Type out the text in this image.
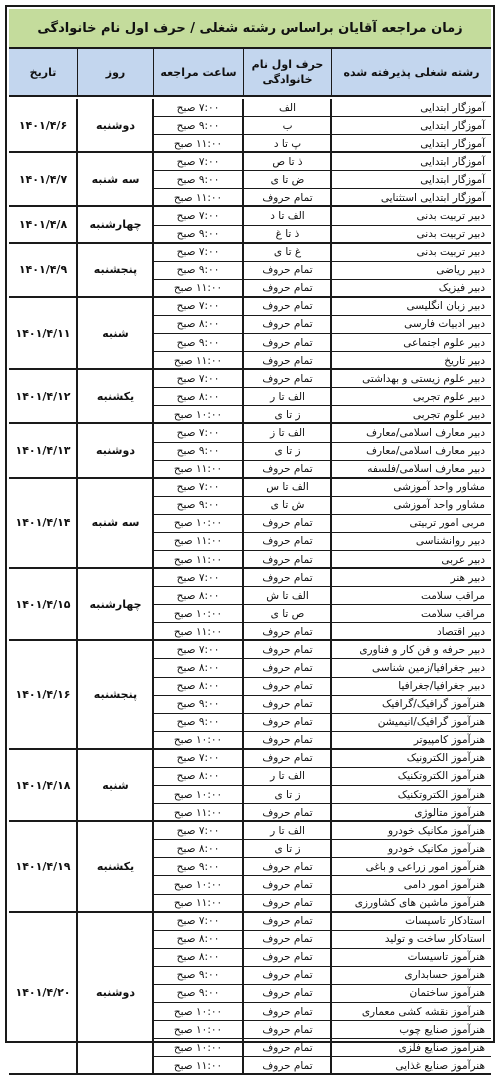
زمان مراجعه آقایان براساس رشته شغلی / حرف اول نام خانوادگی
تاریخ	روز	ساعت مراجعه
حرف اول نام خانوادگی
رشته شغلی پذیرفته شده
۱۴۰۱/۴/۶	دوشنبه
۷:۰۰ صبح	الف	آموزگار ابتدایی
۹:۰۰ صبح	ب	آموزگار ابتدایی
۱۱:۰۰ صبح	پ تا د	آموزگار ابتدایی
۱۴۰۱/۴/۷	سه شنبه
۷:۰۰ صبح	ذ تا ص	آموزگار ابتدایی
۹:۰۰ صبح	ض تا ی	آموزگار ابتدایی
۱۱:۰۰ صبح	تمام حروف	آموزگار ابتدایی استثنایی
۱۴۰۱/۴/۸	چهارشنبه
۷:۰۰ صبح	الف تا د	دبیر تربیت بدنی
۹:۰۰ صبح	ذ تا غ	دبیر تربیت بدنی
۱۴۰۱/۴/۹	پنجشنبه
۷:۰۰ صبح	غ تا ی	دبیر تربیت بدنی
۹:۰۰ صبح	تمام حروف	دبیر ریاضی
۱۱:۰۰ صبح	تمام حروف	دبیر فیزیک
۱۴۰۱/۴/۱۱	شنبه
۷:۰۰ صبح	تمام حروف	دبیر زبان انگلیسی
۸:۰۰ صبح	تمام حروف	دبیر ادبیات فارسی
۹:۰۰ صبح	تمام حروف	دبیر علوم اجتماعی
۱۱:۰۰ صبح	تمام حروف	دبیر تاریخ
۱۴۰۱/۴/۱۲	یکشنبه
۷:۰۰ صبح	تمام حروف	دبیر علوم زیستی و بهداشتی
۸:۰۰ صبح	الف تا ر	دبیر علوم تجربی
۱۰:۰۰ صبح	ز تا ی	دبیر علوم تجربی
۱۴۰۱/۴/۱۳	دوشنبه
۷:۰۰ صبح	الف تا ز	دبیر معارف اسلامی/معارف
۹:۰۰ صبح	ز تا ی	دبیر معارف اسلامی/معارف
۱۱:۰۰ صبح	تمام حروف	دبیر معارف اسلامی/فلسفه
۱۴۰۱/۴/۱۴	سه شنبه
۷:۰۰ صبح	الف تا س	مشاور واحد آموزشی
۹:۰۰ صبح	ش تا ی	مشاور واحد آموزشی
۱۰:۰۰ صبح	تمام حروف	مربی امور تربیتی
۱۱:۰۰ صبح	تمام حروف	دبیر روانشناسی
۱۱:۰۰ صبح	تمام حروف	دبیر عربی
۱۴۰۱/۴/۱۵	چهارشنبه
۷:۰۰ صبح	تمام حروف	دبیر هنر
۸:۰۰ صبح	الف تا ش	مراقب سلامت
۱۰:۰۰ صبح	ص تا ی	مراقب سلامت
۱۱:۰۰ صبح	تمام حروف	دبیر اقتصاد
۱۴۰۱/۴/۱۶	پنجشنبه
۷:۰۰ صبح	تمام حروف	دبیر حرفه و فن کار و فناوری
۸:۰۰ صبح	تمام حروف	دبیر جغرافیا/زمین شناسی
۸:۰۰ صبح	تمام حروف	دبیر جغرافیا/جغرافیا
۹:۰۰ صبح	تمام حروف	هنرآموز گرافیک/گرافیک
۹:۰۰ صبح	تمام حروف	هنرآموز گرافیک/انیمیشن
۱۰:۰۰ صبح	تمام حروف	هنرآموز کامپیوتر
۱۴۰۱/۴/۱۸	شنبه
۷:۰۰ صبح	تمام حروف	هنرآموز الکترونیک
۸:۰۰ صبح	الف تا ر	هنرآموز الکتروتکنیک
۱۰:۰۰ صبح	ز تا ی	هنرآموز الکتروتکنیک
۱۱:۰۰ صبح	تمام حروف	هنرآموز متالوژی
۱۴۰۱/۴/۱۹	یکشنبه
۷:۰۰ صبح	الف تا ر	هنرآموز مکانیک خودرو
۸:۰۰ صبح	ز تا ی	هنرآموز مکانیک خودرو
۹:۰۰ صبح	تمام حروف	هنرآموز امور زراعی و باغی
۱۰:۰۰ صبح	تمام حروف	هنرآموز امور دامی
۱۱:۰۰ صبح	تمام حروف	هنرآموز ماشین های کشاورزی
۱۴۰۱/۴/۲۰	دوشنبه
۷:۰۰ صبح	تمام حروف	استادکار تاسیسات
۸:۰۰ صبح	تمام حروف	استادکار ساخت و تولید
۸:۰۰ صبح	تمام حروف	هنرآموز تاسیسات
۹:۰۰ صبح	تمام حروف	هنرآموز حسابداری
۹:۰۰ صبح	تمام حروف	هنرآموز ساختمان
۱۰:۰۰ صبح	تمام حروف	هنرآموز نقشه کشی معماری
۱۰:۰۰ صبح	تمام حروف	هنرآموز صنایع چوب
۱۰:۰۰ صبح	تمام حروف	هنرآموز صنایع فلزی
۱۱:۰۰ صبح	تمام حروف	هنرآموز صنایع غذایی
